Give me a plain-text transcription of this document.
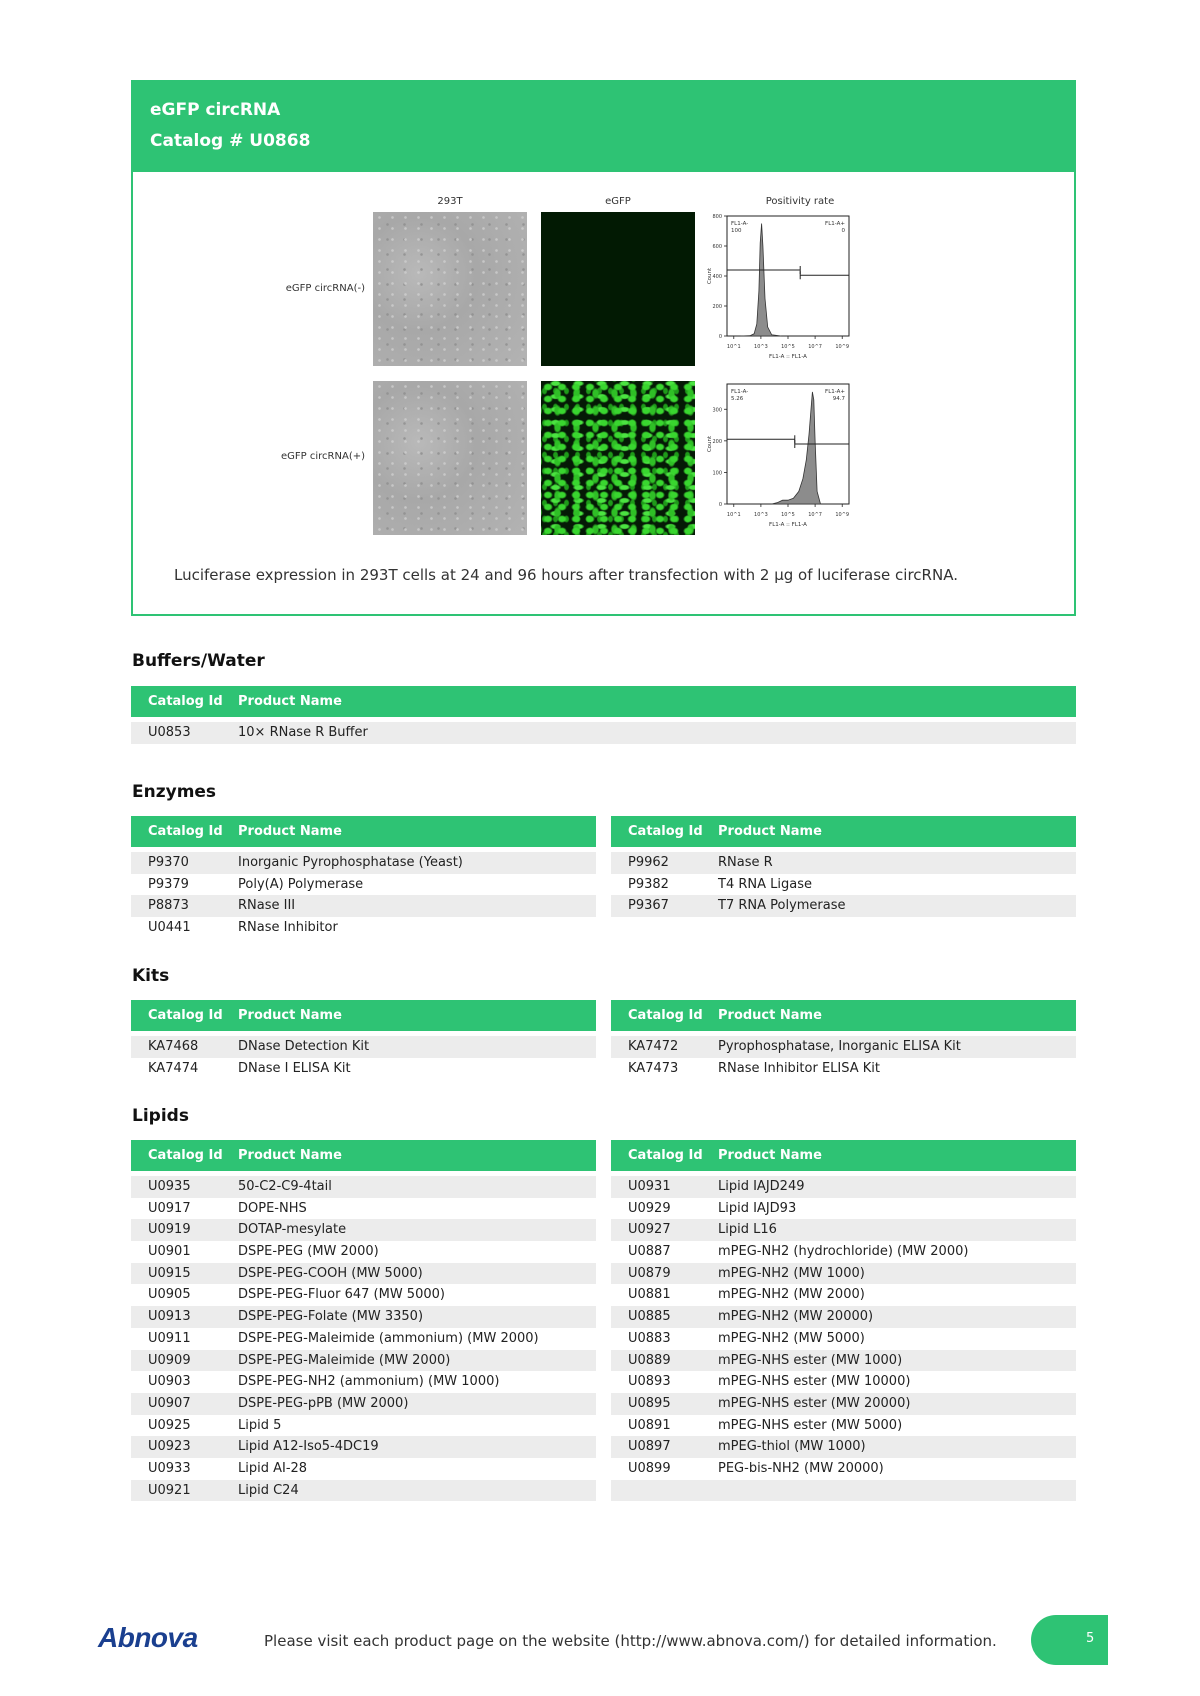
eGFP circRNA
Catalog # U0868
293T	eGFP	Positivity rate
eGFP circRNA(-)
eGFP circRNA(+)
FL1-A-
100
FL1-A+
0
0
200
400
600
800
10^1	10^3	10^5	10^7	10^9
FL1-A :: FL1-A
Count
FL1-A-
5.26
FL1-A+
94.7
0
100
200
300
10^1	10^3	10^5	10^7	10^9
FL1-A :: FL1-A
Count
Luciferase expression in 293T cells at 24 and 96 hours after transfection with 2 μg of luciferase circRNA.
Buffers/Water
Catalog Id Product Name
U0853	10× RNase R Buffer
Enzymes
Catalog Id Product Name
P9370	Inorganic Pyrophosphatase (Yeast)
P9379	Poly(A) Polymerase
P8873	RNase III
U0441	RNase Inhibitor
Catalog Id Product Name
P9962	RNase R
P9382	T4 RNA Ligase
P9367	T7 RNA Polymerase
Kits
Catalog Id Product Name
KA7468	DNase Detection Kit
KA7474	DNase I ELISA Kit
Catalog Id Product Name
KA7472	Pyrophosphatase, Inorganic ELISA Kit
KA7473	RNase Inhibitor ELISA Kit
Lipids
Catalog Id Product Name
U0935	50-C2-C9-4tail
U0917	DOPE-NHS
U0919	DOTAP-mesylate
U0901	DSPE-PEG (MW 2000)
U0915	DSPE-PEG-COOH (MW 5000)
U0905	DSPE-PEG-Fluor 647 (MW 5000)
U0913	DSPE-PEG-Folate (MW 3350)
U0911	DSPE-PEG-Maleimide (ammonium) (MW 2000)
U0909	DSPE-PEG-Maleimide (MW 2000)
U0903	DSPE-PEG-NH2 (ammonium) (MW 1000)
U0907	DSPE-PEG-pPB (MW 2000)
U0925	Lipid 5
U0923	Lipid A12-Iso5-4DC19
U0933	Lipid AI-28
U0921	Lipid C24
Catalog Id Product Name
U0931	Lipid IAJD249
U0929	Lipid IAJD93
U0927	Lipid L16
U0887	mPEG-NH2 (hydrochloride) (MW 2000)
U0879	mPEG-NH2 (MW 1000)
U0881	mPEG-NH2 (MW 2000)
U0885	mPEG-NH2 (MW 20000)
U0883	mPEG-NH2 (MW 5000)
U0889	mPEG-NHS ester (MW 1000)
U0893	mPEG-NHS ester (MW 10000)
U0895	mPEG-NHS ester (MW 20000)
U0891	mPEG-NHS ester (MW 5000)
U0897	mPEG-thiol (MW 1000)
U0899	PEG-bis-NH2 (MW 20000)
Abnova	Please visit each product page on the website (http://www.abnova.com/) for detailed information.	5
